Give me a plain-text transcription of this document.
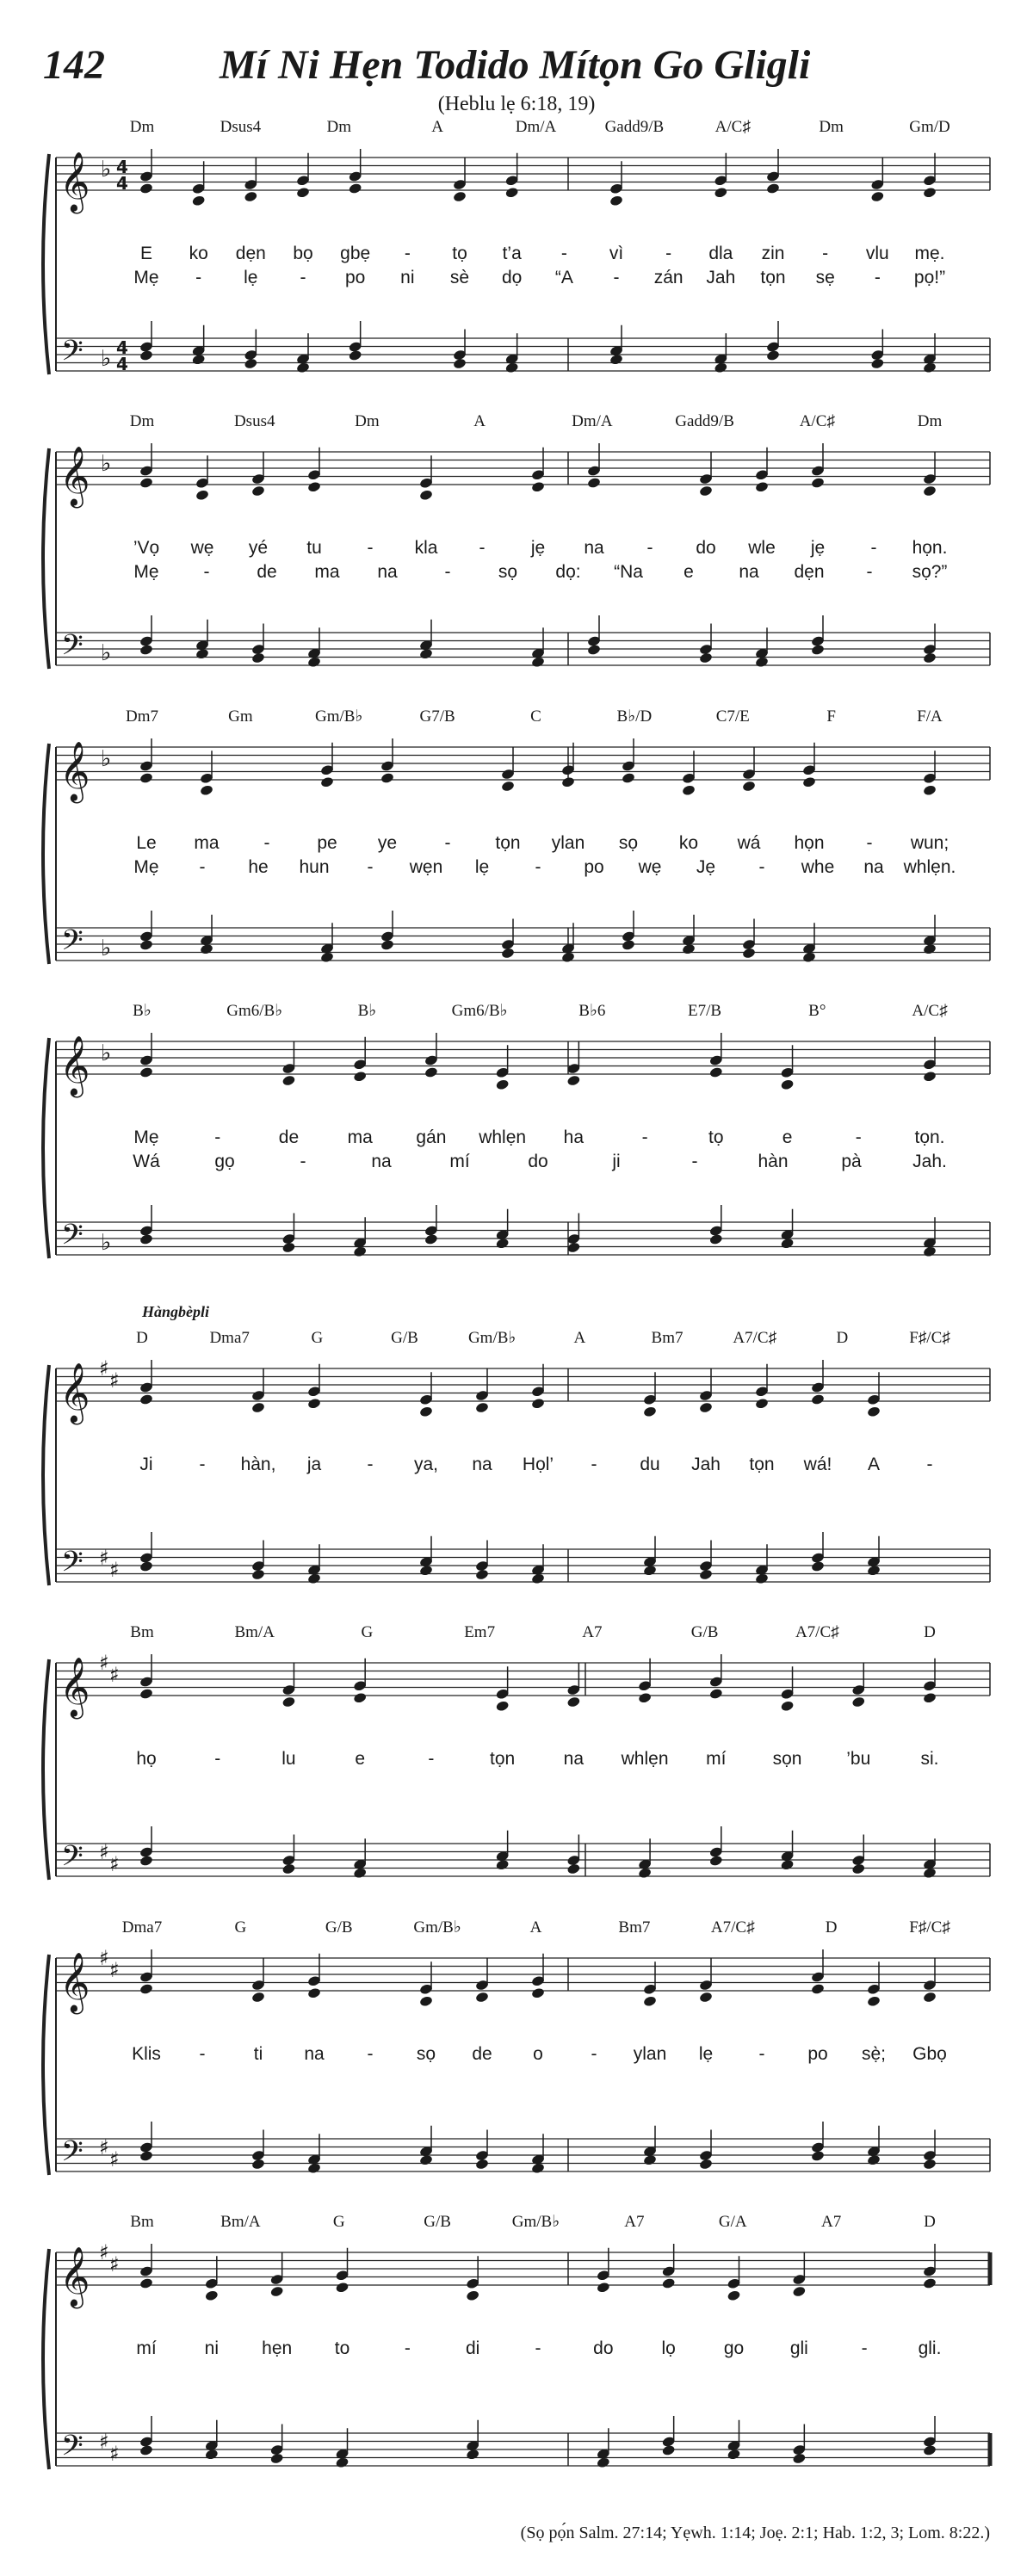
142	Mí Ni Hẹn Todido Mítọn Go Gligli
(Heblu lẹ 6:18, 19)
𝄞
𝄢
♭
♭
4
4
4
4
Dm	Dsus4	Dm	A	Dm/A	Gadd9/B	A/C♯	Dm	Gm/D
E ko dẹn bọ gbẹ - tọ t’a - vì - dla zin - vlu mẹ.
Mẹ - lẹ - po ni sè dọ “A - zán Jah tọn sẹ - pọ!”
𝄞
𝄢
♭
♭
Dm	Dsus4	Dm	A	Dm/A	Gadd9/B	A/C♯	Dm
’Vọ wẹ yé tu	- kla -	jẹ na - do wle jẹ	- họn.
Mẹ -	de ma na	-	sọ dọ: “Na e na dẹn - sọ?”
𝄞
𝄢
♭
♭
Dm7	Gm	Gm/B♭	G7/B	C	B♭/D	C7/E	F	F/A
Le ma -	pe ye	- tọn ylan sọ ko wá họn - wun;
Mẹ - he hun - wẹn lẹ	- po wẹ Jẹ - whe na whlẹn.
𝄞
𝄢
♭
♭
B♭	Gm6/B♭	B♭	Gm6/B♭	B♭6	E7/B	B°	A/C♯
Mẹ	-	de	ma gán whlẹn ha	-	tọ	e	-	tọn.
Wá	gọ	-	na	mí	do	ji	-	hàn	pà	Jah.
𝄞
𝄢
♯ ♯
♯ ♯
Hàngbèpli
D	Dma7	G	G/B	Gm/B♭	A	Bm7	A7/C♯	D	F♯/C♯
Ji	- hàn, ja	- ya, na Họl’ - du Jah tọn wá! A	-
𝄞
𝄢
♯ ♯
♯ ♯
Bm	Bm/A	G	Em7	A7	G/B	A7/C♯	D
họ	-	lu	e	-	tọn	na whlẹn mí	sọn ’bu	si.
𝄞
𝄢
♯ ♯
♯ ♯
Dma7	G	G/B	Gm/B♭	A	Bm7	A7/C♯	D	F♯/C♯
Klis -	ti na - sọ de o	- ylan lẹ	- po sẹ̀; Gbọ
𝄞
𝄢
♯ ♯
♯ ♯
Bm	Bm/A	G	G/B	Gm/B♭	A7	G/A	A7	D
mí	ni hẹn to	-	di	-	do	lọ	go	gli	-	gli.
(Sọ pọ́n Salm. 27:14; Yẹwh. 1:14; Joẹ. 2:1; Hab. 1:2, 3; Lom. 8:22.)
